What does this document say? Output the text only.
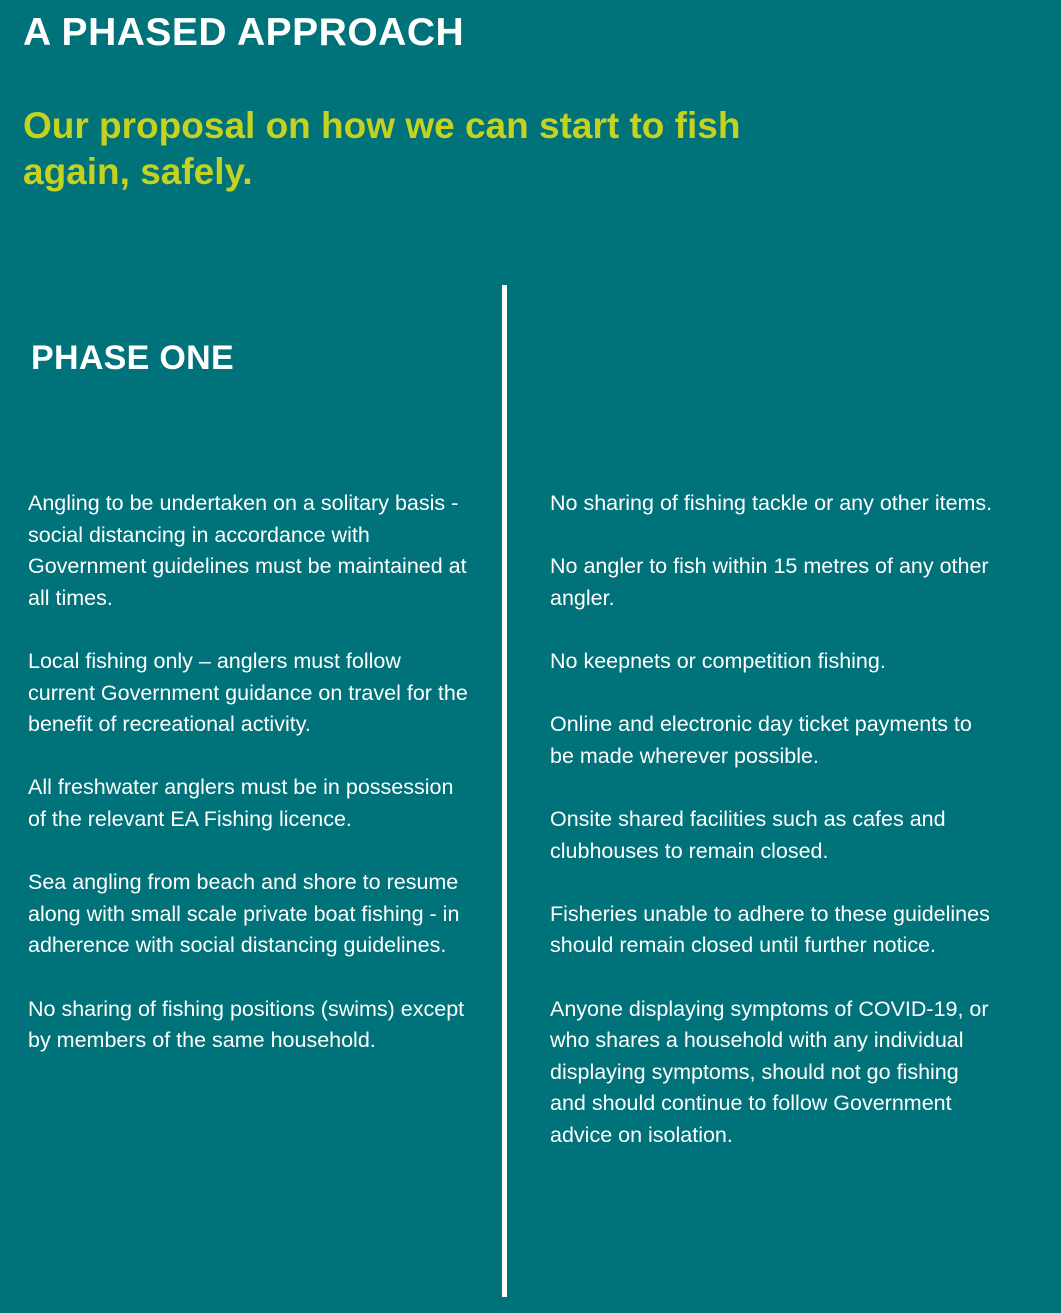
A PHASED APPROACH
Our proposal on how we can start to fish again, safely.
PHASE ONE

Angling to be undertaken on a solitary basis - social distancing in accordance with Government guidelines must be maintained at all times.

Local fishing only – anglers must follow current Government guidance on travel for the benefit of recreational activity.

All freshwater anglers must be in possession of the relevant EA Fishing licence.

Sea angling from beach and shore to resume along with small scale private boat fishing - in adherence with social distancing guidelines.

No sharing of fishing positions (swims) except by members of the same household.

No sharing of fishing tackle or any other items.

No angler to fish within 15 metres of any other angler.

No keepnets or competition fishing.

Online and electronic day ticket payments to be made wherever possible.

Onsite shared facilities such as cafes and clubhouses to remain closed.

Fisheries unable to adhere to these guidelines should remain closed until further notice.

Anyone displaying symptoms of COVID-19, or who shares a household with any individual displaying symptoms, should not go fishing and should continue to follow Government advice on isolation.
